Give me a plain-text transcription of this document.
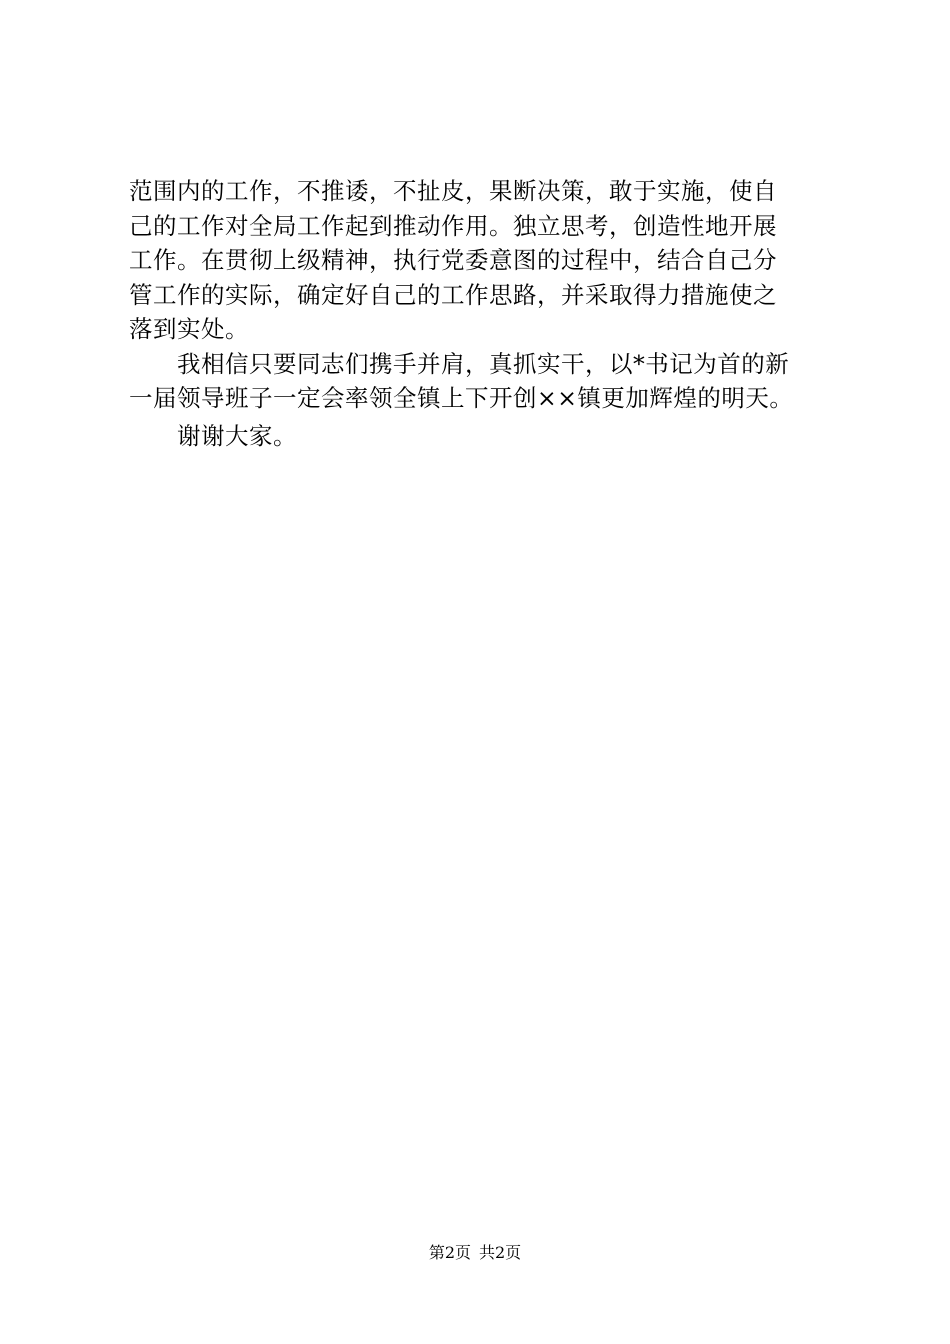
范围内的工作，不推诿，不扯皮，果断决策，敢于实施，使自
己的工作对全局工作起到推动作用。独立思考，创造性地开展
工作。在贯彻上级精神，执行党委意图的过程中，结合自己分
管工作的实际，确定好自己的工作思路，并采取得力措施使之
落到实处。
我相信只要同志们携手并肩，真抓实干，以*书记为首的新
一届领导班子一定会率领全镇上下开创××镇更加辉煌的明天。
谢谢大家。
第2页 共2页
